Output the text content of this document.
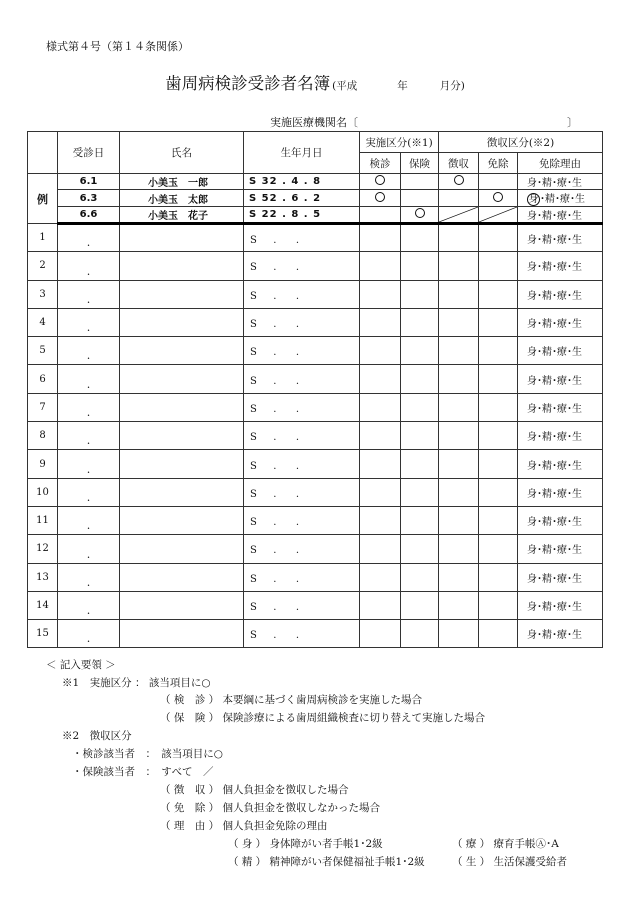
様式第４号（第１４条関係）
歯周病検診受診者名簿 (平成	年	月分)
実施医療機関名〔	〕
	受診日	氏名	生年月日	実施区分(※1)		徴収区分(※2)		
				検診	保険	徴収	免除	免除理由
例	6.1	小美玉　一郎	S 32 . 4 . 8					身･精･療･生
	6.3	小美玉　太郎	S 52 . 6 . 2					身 ･精･療･生
	6.6	小美玉　花子	S 22 . 8 . 5					身･精･療･生
1	.		S　  .　   .					身･精･療･生
2	.		S　  .　   .					身･精･療･生
3	.		S　  .　   .					身･精･療･生
4	.		S　  .　   .					身･精･療･生
5	.		S　  .　   .					身･精･療･生
6	.		S　  .　   .					身･精･療･生
7	.		S　  .　   .					身･精･療･生
8	.		S　  .　   .					身･精･療･生
9	.		S　  .　   .					身･精･療･生
10	.		S　  .　   .					身･精･療･生
11	.		S　  .　   .					身･精･療･生
12	.		S　  .　   .					身･精･療･生
13	.		S　  .　   .					身･精･療･生
14	.		S　  .　   .					身･精･療･生
15	.		S　  .　   .					身･精･療･生
＜ 記入要領 ＞
※1　実施区分 ： 該当項目に○
（ 検　診 ） 本要綱に基づく歯周病検診を実施した場合
（ 保　険 ） 保険診療による歯周組織検査に切り替えて実施した場合
※2　徴収区分
・検診該当者　：　該当項目に○
・保険該当者　：　すべて　／
（ 徴　収 ） 個人負担金を徴収した場合
（ 免　除 ） 個人負担金を徴収しなかった場合
（ 理　由 ） 個人負担金免除の理由
（ 身 ） 身体障がい者手帳1･2級	（ 療 ） 療育手帳Ⓐ･A
（ 精 ） 精神障がい者保健福祉手帳1･2級	（ 生 ） 生活保護受給者
